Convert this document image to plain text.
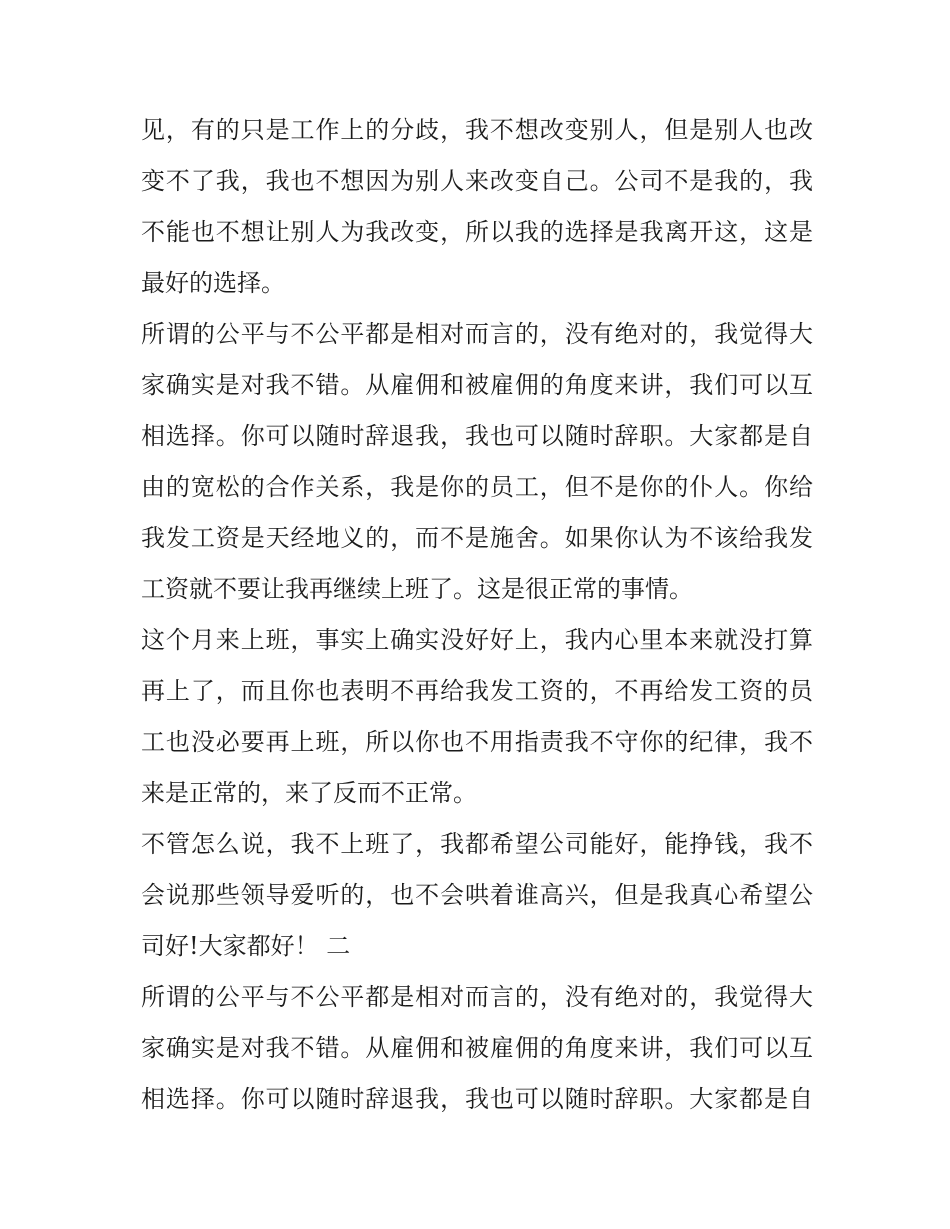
见，有的只是工作上的分歧，我不想改变别人，但是别人也改
变不了我，我也不想因为别人来改变自己。公司不是我的，我
不能也不想让别人为我改变，所以我的选择是我离开这，这是
最好的选择。
所谓的公平与不公平都是相对而言的，没有绝对的，我觉得大
家确实是对我不错。从雇佣和被雇佣的角度来讲，我们可以互
相选择。你可以随时辞退我，我也可以随时辞职。大家都是自
由的宽松的合作关系，我是你的员工，但不是你的仆人。你给
我发工资是天经地义的，而不是施舍。如果你认为不该给我发
工资就不要让我再继续上班了。这是很正常的事情。
这个月来上班，事实上确实没好好上，我内心里本来就没打算
再上了，而且你也表明不再给我发工资的，不再给发工资的员
工也没必要再上班，所以你也不用指责我不守你的纪律，我不
来是正常的，来了反而不正常。
不管怎么说，我不上班了，我都希望公司能好，能挣钱，我不
会说那些领导爱听的，也不会哄着谁高兴，但是我真心希望公
司好!大家都好！ 二
所谓的公平与不公平都是相对而言的，没有绝对的，我觉得大
家确实是对我不错。从雇佣和被雇佣的角度来讲，我们可以互
相选择。你可以随时辞退我，我也可以随时辞职。大家都是自
